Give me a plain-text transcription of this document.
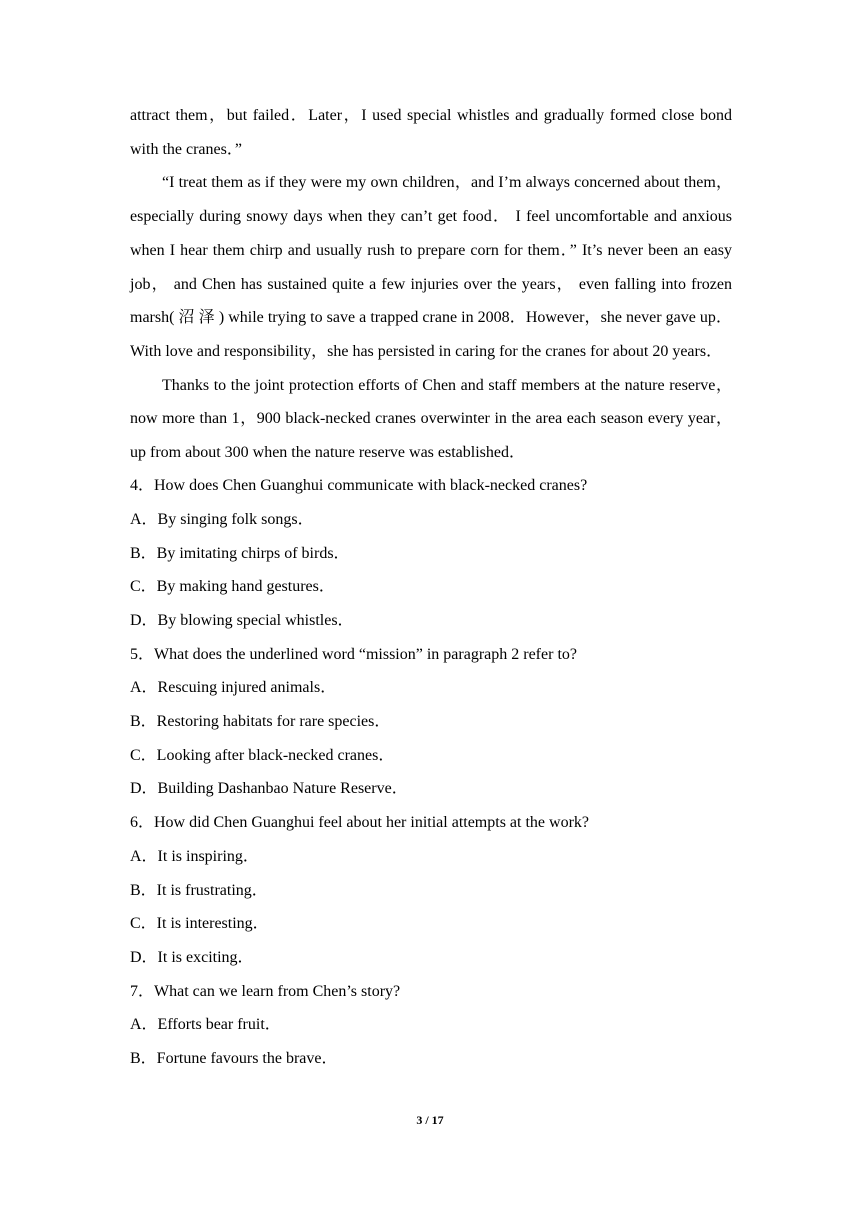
attract them，but failed．Later，I used special whistles and gradually formed close bond with the cranes．”

“I treat them as if they were my own children，and I’m always concerned about them， especially during snowy days when they can’t get food． I feel uncomfortable and anxious when I hear them chirp and usually rush to prepare corn for them．” It’s never been an easy job， and Chen has sustained quite a few injuries over the years， even falling into frozen marsh( 沼 泽 ) while trying to save a trapped crane in 2008．However，she never gave up．With love and responsibility，she has persisted in caring for the cranes for about 20 years．

Thanks to the joint protection efforts of Chen and staff members at the nature reserve，now more than 1，900 black-necked cranes overwinter in the area each season every year， up from about 300 when the nature reserve was established．

4．How does Chen Guanghui communicate with black-necked cranes?

A．By singing folk songs．

B．By imitating chirps of birds．

C．By making hand gestures．

D．By blowing special whistles．

5．What does the underlined word “mission” in paragraph 2 refer to?

A．Rescuing injured animals．

B．Restoring habitats for rare species．

C．Looking after black-necked cranes．

D．Building Dashanbao Nature Reserve．

6．How did Chen Guanghui feel about her initial attempts at the work?

A．It is inspiring．

B．It is frustrating．

C．It is interesting．

D．It is exciting．

7．What can we learn from Chen’s story?

A．Efforts bear fruit．

B．Fortune favours the brave．

3 / 17
